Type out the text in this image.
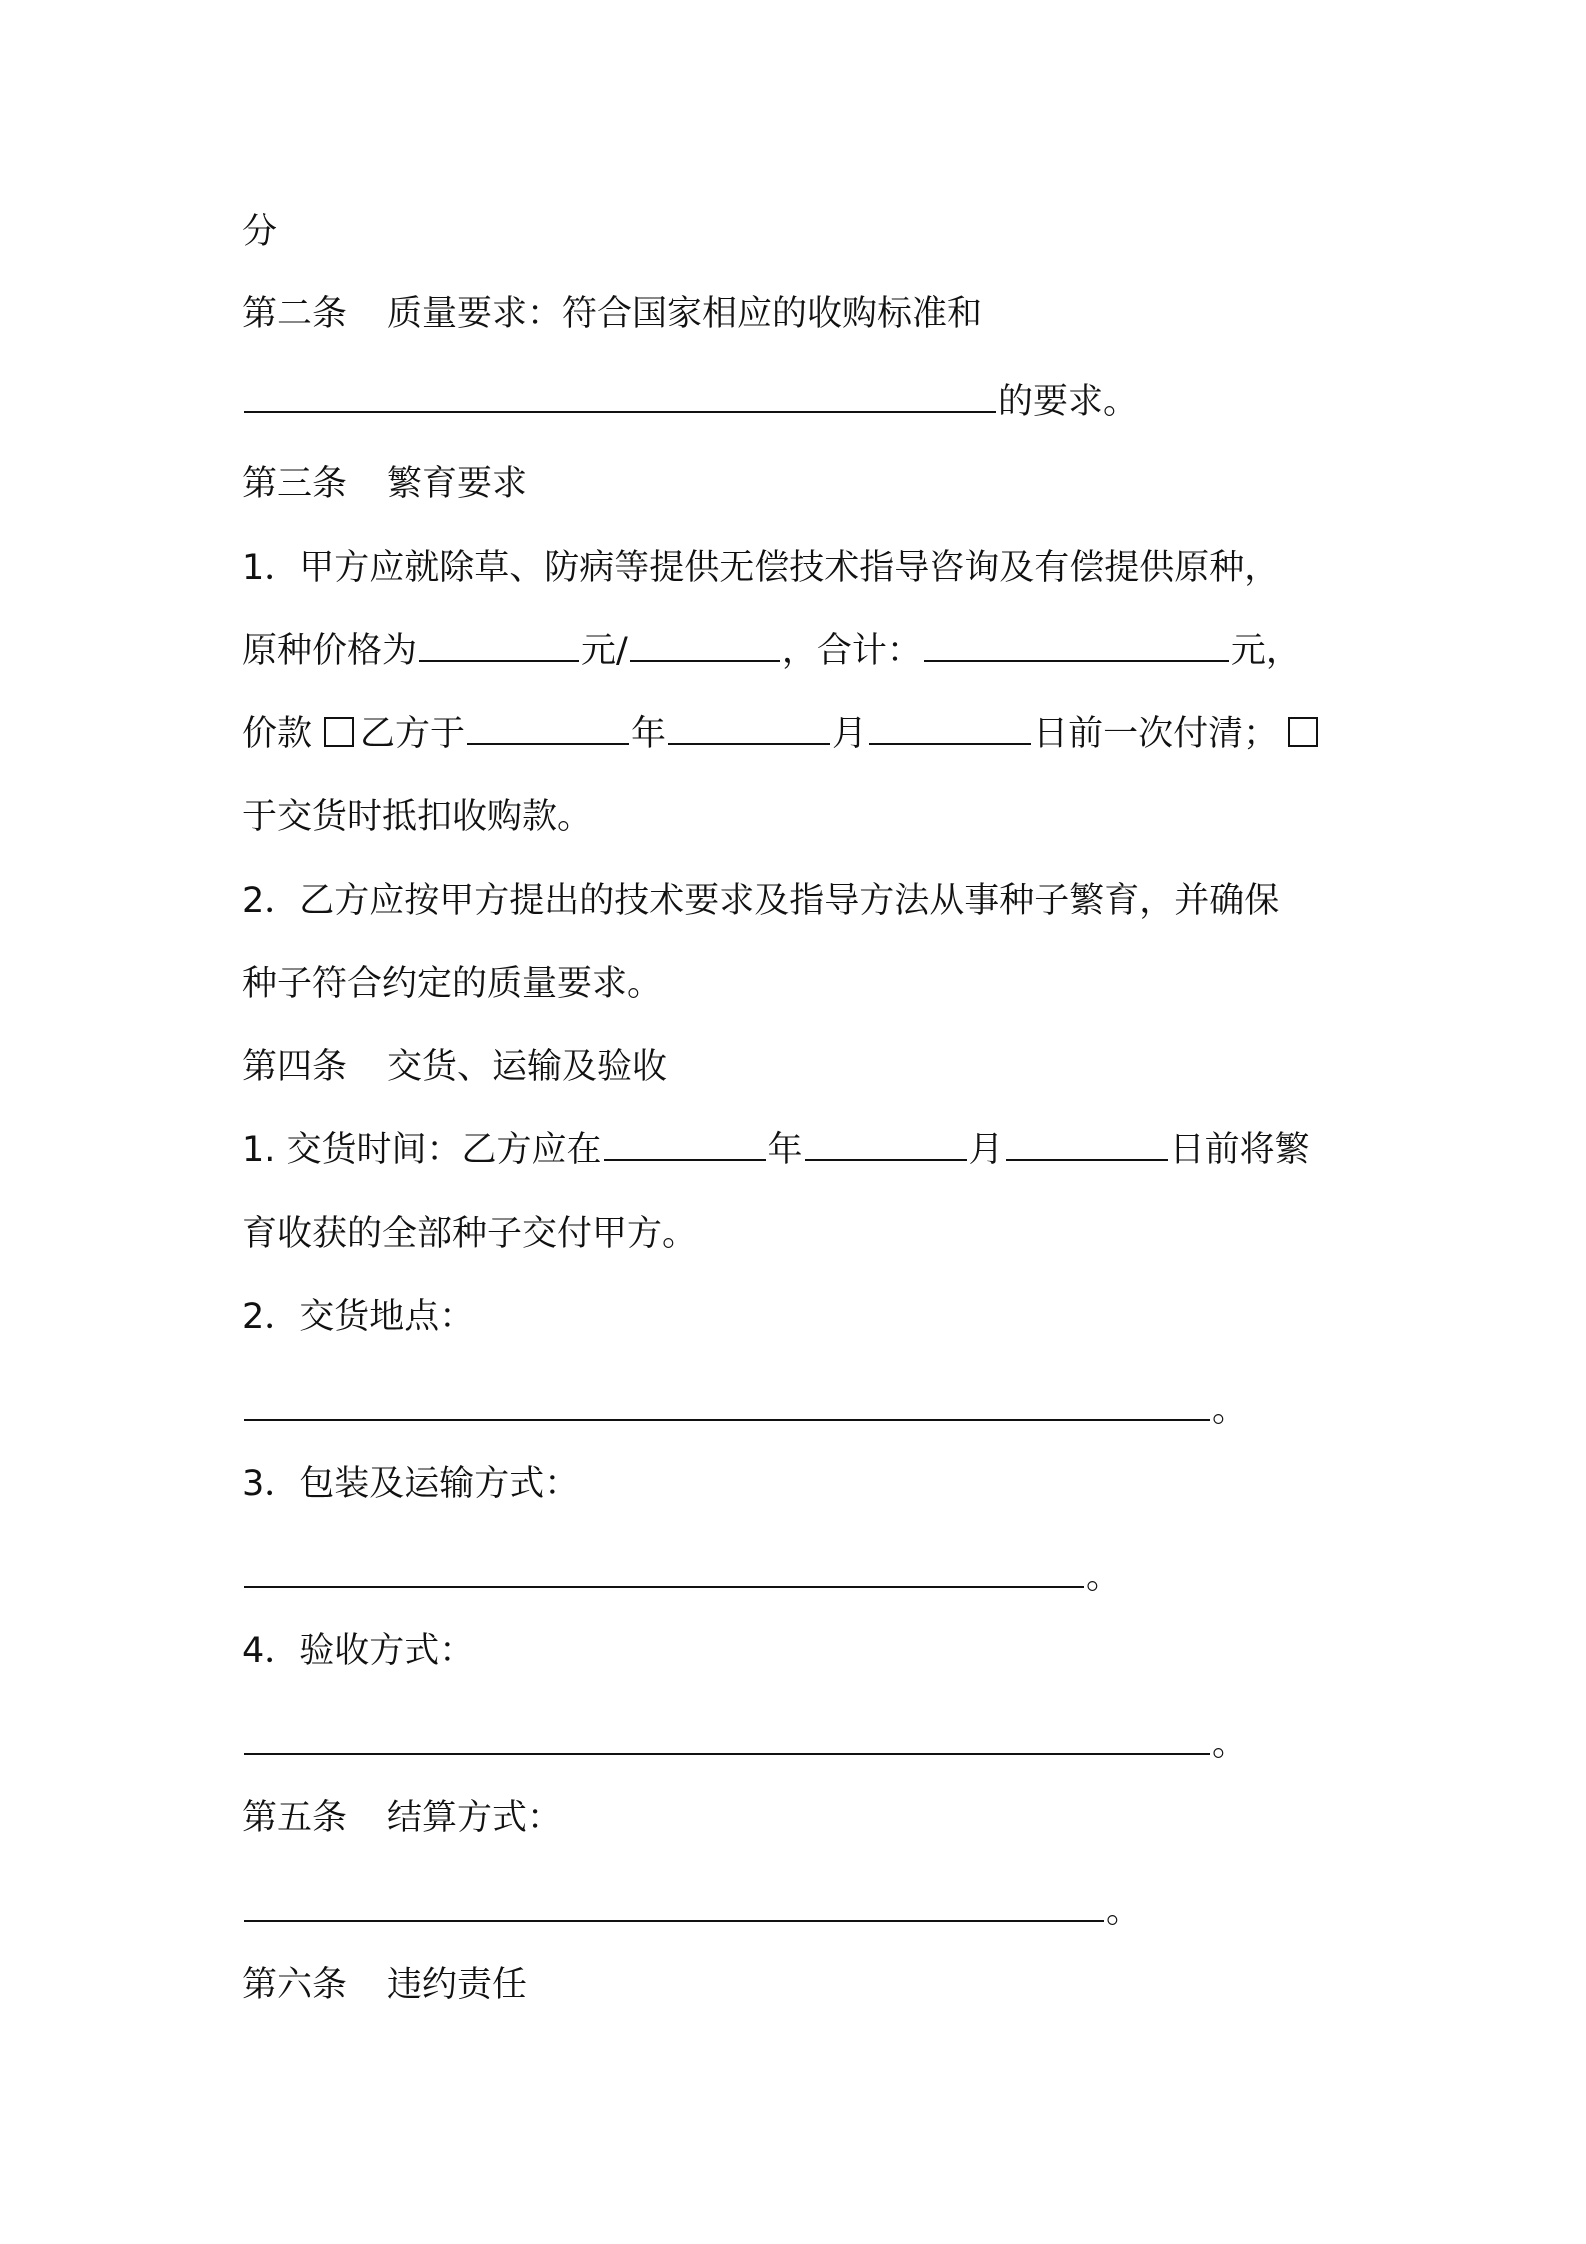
分
第二条 质量要求：符合国家相应的收购标准和
的要求。
第三条 繁育要求
1．甲方应就除草、防病等提供无偿技术指导咨询及有偿提供原种，
原种价格为	元/	，合计：	元，
价款 乙方于	年	月	日前一次付清；
于交货时抵扣收购款。
2．乙方应按甲方提出的技术要求及指导方法从事种子繁育，并确保
种子符合约定的质量要求。
第四条 交货、运输及验收
1. 交货时间：乙方应在	年	月	日前将繁
育收获的全部种子交付甲方。
2．交货地点：
。
3．包装及运输方式：
。
4．验收方式：
。
第五条 结算方式：
。
第六条 违约责任
